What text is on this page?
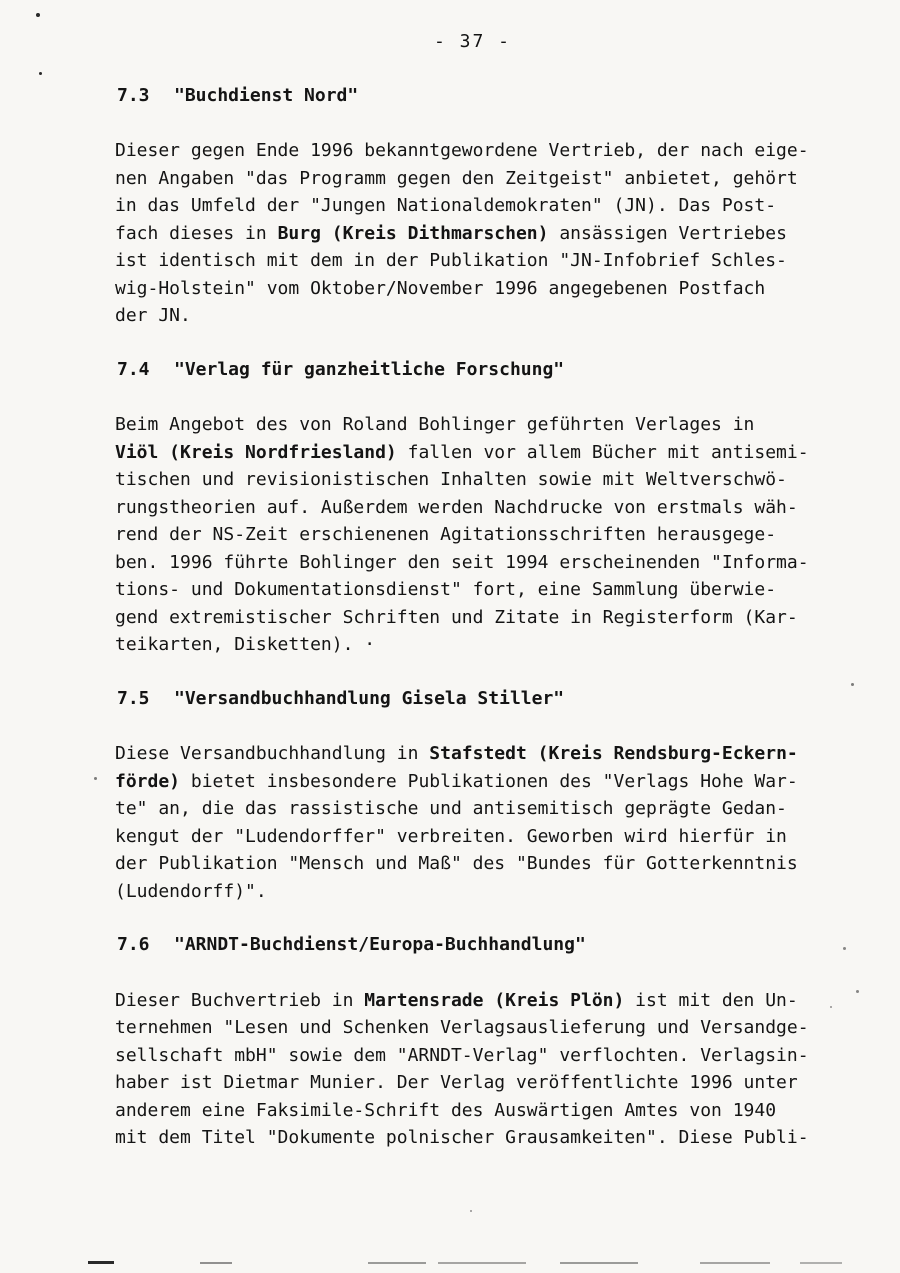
- 37 -
7.3 "Buchdienst Nord"
Dieser gegen Ende 1996 bekanntgewordene Vertrieb, der nach eige-
nen Angaben "das Programm gegen den Zeitgeist" anbietet, gehört
in das Umfeld der "Jungen Nationaldemokraten" (JN). Das Post-
fach dieses in Burg (Kreis Dithmarschen) ansässigen Vertriebes
ist identisch mit dem in der Publikation "JN-Infobrief Schles-
wig-Holstein" vom Oktober/November 1996 angegebenen Postfach
der JN.
7.4 "Verlag für ganzheitliche Forschung"
Beim Angebot des von Roland Bohlinger geführten Verlages in
Viöl (Kreis Nordfriesland) fallen vor allem Bücher mit antisemi-
tischen und revisionistischen Inhalten sowie mit Weltverschwö-
rungstheorien auf. Außerdem werden Nachdrucke von erstmals wäh-
rend der NS-Zeit erschienenen Agitationsschriften herausgege-
ben. 1996 führte Bohlinger den seit 1994 erscheinenden "Informa-
tions- und Dokumentationsdienst" fort, eine Sammlung überwie-
gend extremistischer Schriften und Zitate in Registerform (Kar-
teikarten, Disketten). ·
7.5 "Versandbuchhandlung Gisela Stiller"
Diese Versandbuchhandlung in Stafstedt (Kreis Rendsburg-Eckern-
förde) bietet insbesondere Publikationen des "Verlags Hohe War-
te" an, die das rassistische und antisemitisch geprägte Gedan-
kengut der "Ludendorffer" verbreiten. Geworben wird hierfür in
der Publikation "Mensch und Maß" des "Bundes für Gotterkenntnis
(Ludendorff)".
7.6 "ARNDT-Buchdienst/Europa-Buchhandlung"
Dieser Buchvertrieb in Martensrade (Kreis Plön) ist mit den Un-
ternehmen "Lesen und Schenken Verlagsauslieferung und Versandge-
sellschaft mbH" sowie dem "ARNDT-Verlag" verflochten. Verlagsin-
haber ist Dietmar Munier. Der Verlag veröffentlichte 1996 unter
anderem eine Faksimile-Schrift des Auswärtigen Amtes von 1940
mit dem Titel "Dokumente polnischer Grausamkeiten". Diese Publi-
